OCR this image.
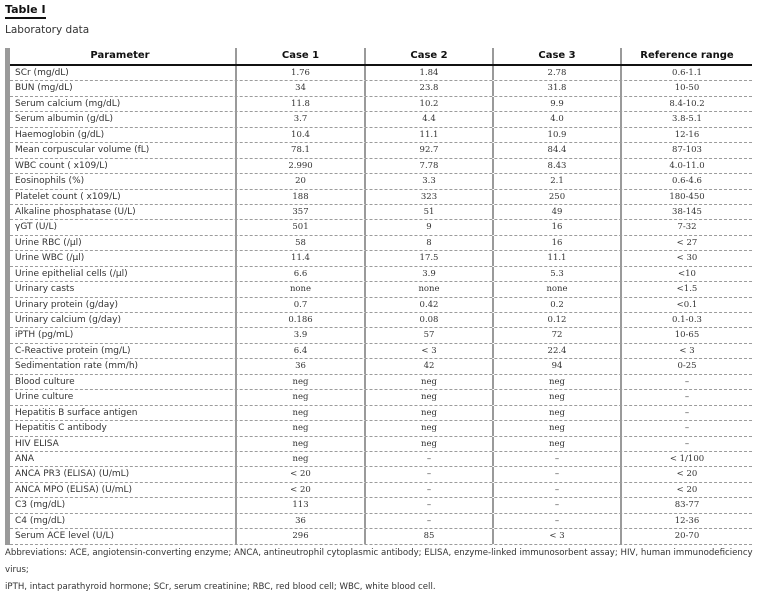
Table I
Laboratory data
Parameter	Case 1	Case 2	Case 3	Reference range
SCr (mg/dL)	1.76	1.84	2.78	0.6-1.1
BUN (mg/dL)	34	23.8	31.8	10-50
Serum calcium (mg/dL)	11.8	10.2	9.9	8.4-10.2
Serum albumin (g/dL)	3.7	4.4	4.0	3.8-5.1
Haemoglobin (g/dL)	10.4	11.1	10.9	12-16
Mean corpuscular volume (fL)	78.1	92.7	84.4	87-103
WBC count ( x109/L)	2.990	7.78	8.43	4.0-11.0
Eosinophils (%)	20	3.3	2.1	0.6-4.6
Platelet count ( x109/L)	188	323	250	180-450
Alkaline phosphatase (U/L)	357	51	49	38-145
γGT (U/L)	501	9	16	7-32
Urine RBC (/μl)	58	8	16	< 27
Urine WBC (/μl)	11.4	17.5	11.1	< 30
Urine epithelial cells (/μl)	6.6	3.9	5.3	<10
Urinary casts	none	none	none	<1.5
Urinary protein (g/day)	0.7	0.42	0.2	<0.1
Urinary calcium (g/day)	0.186	0.08	0.12	0.1-0.3
iPTH (pg/mL)	3.9	57	72	10-65
C-Reactive protein (mg/L)	6.4	< 3	22.4	< 3
Sedimentation rate (mm/h)	36	42	94	0-25
Blood culture	neg	neg	neg	–
Urine culture	neg	neg	neg	–
Hepatitis B surface antigen	neg	neg	neg	–
Hepatitis C antibody	neg	neg	neg	–
HIV ELISA	neg	neg	neg	–
ANA	neg	–	–	< 1/100
ANCA PR3 (ELISA) (U/mL)	< 20	–	–	< 20
ANCA MPO (ELISA) (U/mL)	< 20	–	–	< 20
C3 (mg/dL)	113	–	–	83-77
C4 (mg/dL)	36	–	–	12-36
Serum ACE level (U/L)	296	85	< 3	20-70
Abbreviations: ACE, angiotensin-converting enzyme; ANCA, antineutrophil cytoplasmic antibody; ELISA, enzyme-linked immunosorbent assay; HIV, human immunodeficiency virus;
iPTH, intact parathyroid hormone; SCr, serum creatinine; RBC, red blood cell; WBC, white blood cell.
